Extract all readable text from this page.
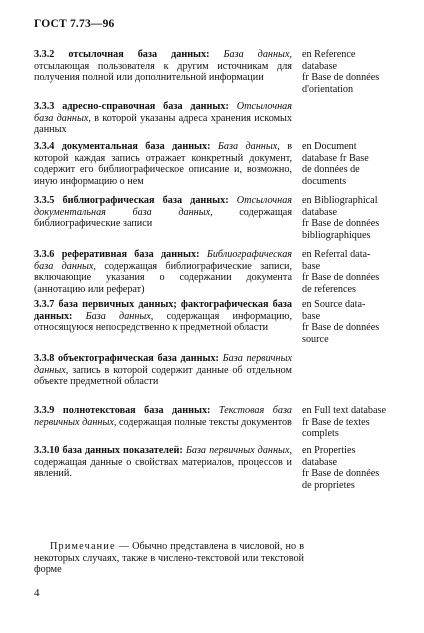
ГОСТ 7.73—96
3.3.2 отсылочная база данных: База данных, отсылающая пользователя к другим источникам для получения полной или дополнительной информации
en Reference
database
fr Base de données
d'orientation
3.3.3 адресно-справочная база данных: Отсылочная база данных, в которой указаны адреса хранения искомых данных
3.3.4 документальная база данных: База данных, в которой каждая запись отражает конкретный документ, содержит его библиографическое описание и, возможно, иную информацию о нем
en Document
database fr Base
de données de
documents
3.3.5 библиографическая база данных: Отсылочная документальная база данных,	содержащая библиографические записи
en Bibliographical
database
fr Base de données
bibliographiques
3.3.6 реферативная база данных: Библиографическая база данных, содержащая библиографические записи, включающие указания о содержании документа (аннотацию или реферат)
en Referral data-
base
fr Base de données
de references
3.3.7 база первичных данных; фактографическая база данных: База данных, содержащая информацию, относящуюся непосредственно к предметной области
en Source data-
base
fr Base de données
source
3.3.8 объектографическая база данных: База первичных данных, запись в которой содержит данные об отдельном объекте предметной области
3.3.9 полнотекстовая база данных: Текстовая база первичных данных, содержащая полные тексты документов
en Full text database
fr Base de textes
complets
3.3.10 база данных показателей: База первичных данных, содержащая данные о свойствах материалов, процессов и явлений.
en Properties
database
fr Base de données
de proprietes
Примечание — Обычно представлена в числовой, но в некоторых случаях, также в числено-текстовой или текстовой форме
4
